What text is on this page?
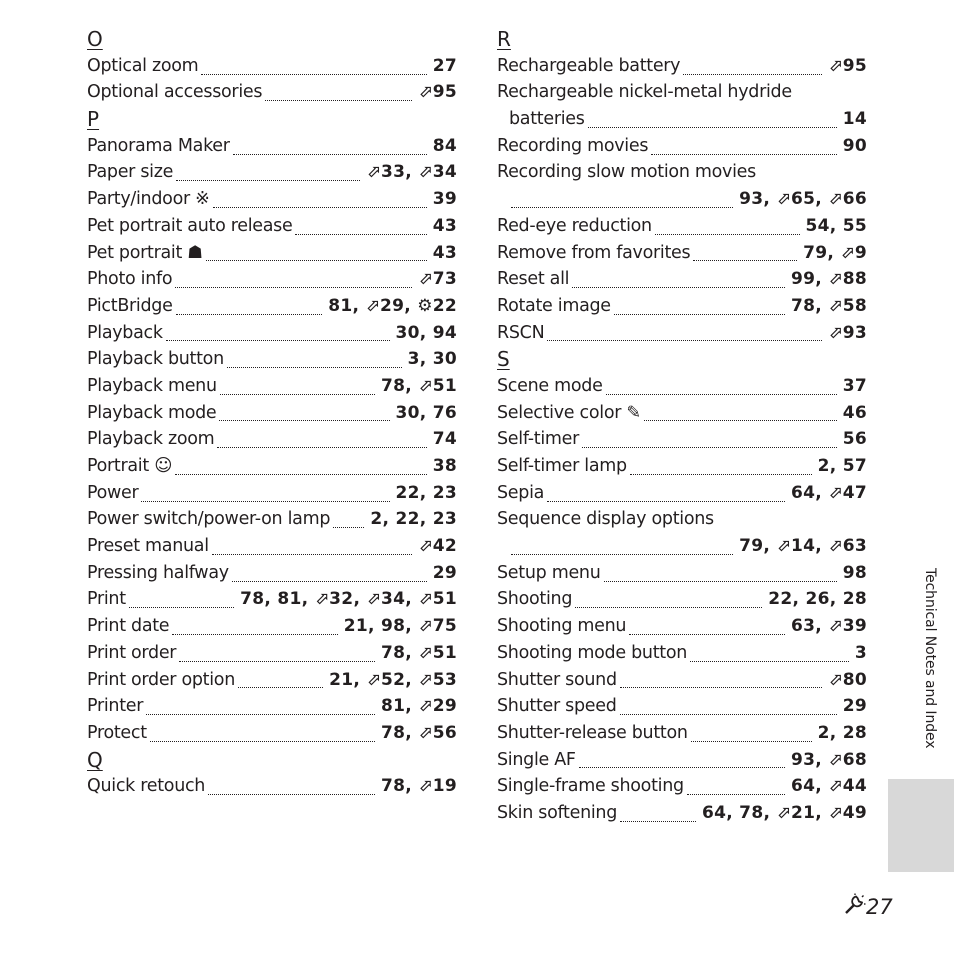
O
Optical zoom	27
Optional accessories	⬀95
P
Panorama Maker	84
Paper size	⬀33, ⬀34
Party/indoor ※	39
Pet portrait auto release	43
Pet portrait ☗	43
Photo info	⬀73
PictBridge	81, ⬀29, ⚙22
Playback	30, 94
Playback button	3, 30
Playback menu	78, ⬀51
Playback mode	30, 76
Playback zoom	74
Portrait ☺	38
Power	22, 23
Power switch/power-on lamp 2, 22, 23
Preset manual	⬀42
Pressing halfway	29
Print	78, 81, ⬀32, ⬀34, ⬀51
Print date	21, 98, ⬀75
Print order	78, ⬀51
Print order option	21, ⬀52, ⬀53
Printer	81, ⬀29
Protect	78, ⬀56
Q
Quick retouch	78, ⬀19
R
Rechargeable battery	⬀95
Rechargeable nickel-metal hydride
batteries	14
Recording movies	90
Recording slow motion movies
93, ⬀65, ⬀66
Red-eye reduction	54, 55
Remove from favorites	79, ⬀9
Reset all	99, ⬀88
Rotate image	78, ⬀58
RSCN	⬀93
S
Scene mode	37
Selective color ✎	46
Self-timer	56
Self-timer lamp	2, 57
Sepia	64, ⬀47
Sequence display options
79, ⬀14, ⬀63
Setup menu	98
Shooting	22, 26, 28
Shooting menu	63, ⬀39
Shooting mode button	3
Shutter sound	⬀80
Shutter speed	29
Shutter-release button	2, 28
Single AF	93, ⬀68
Single-frame shooting	64, ⬀44
Skin softening	64, 78, ⬀21, ⬀49
Technical Notes and Index
27
